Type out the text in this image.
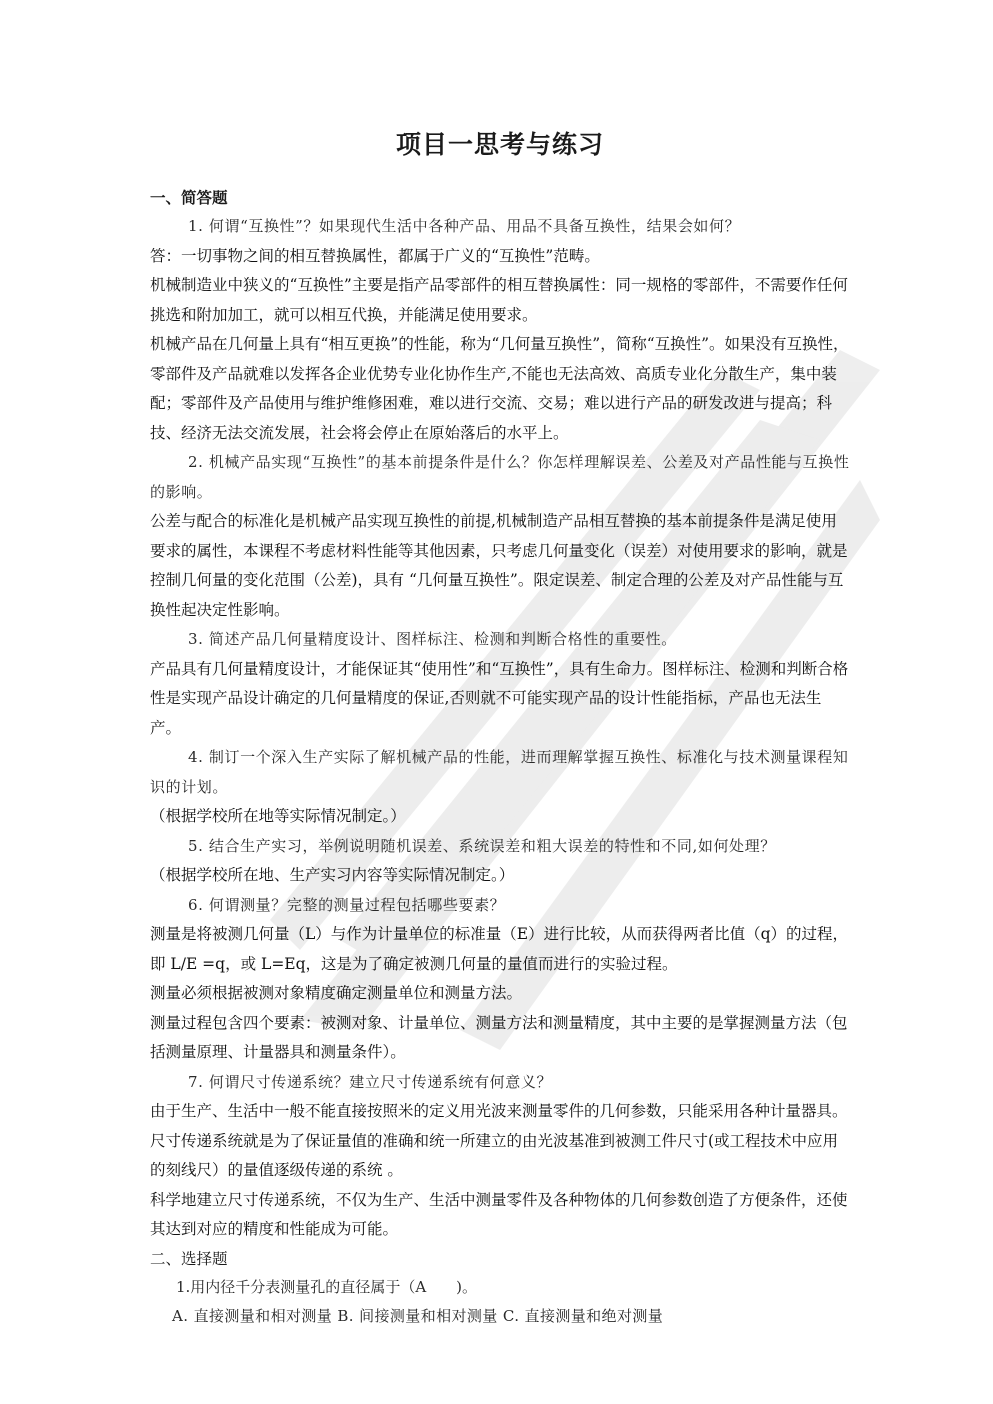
项目一思考与练习

一、简答题

1. 何谓“互换性”？如果现代生活中各种产品、用品不具备互换性，结果会如何？

答：一切事物之间的相互替换属性，都属于广义的“互换性”范畴。

机械制造业中狭义的“互换性”主要是指产品零部件的相互替换属性：同一规格的零部件，不需要作任何挑选和附加加工，就可以相互代换，并能满足使用要求。

机械产品在几何量上具有“相互更换”的性能，称为“几何量互换性”，简称“互换性”。如果没有互换性，零部件及产品就难以发挥各企业优势专业化协作生产,不能也无法高效、高质专业化分散生产，集中装配；零部件及产品使用与维护维修困难，难以进行交流、交易；难以进行产品的研发改进与提高；科技、经济无法交流发展，社会将会停止在原始落后的水平上。

2. 机械产品实现“互换性”的基本前提条件是什么？你怎样理解误差、公差及对产品性能与互换性的影响。

公差与配合的标准化是机械产品实现互换性的前提,机械制造产品相互替换的基本前提条件是满足使用要求的属性，本课程不考虑材料性能等其他因素，只考虑几何量变化（误差）对使用要求的影响，就是控制几何量的变化范围（公差)，具有 “几何量互换性”。限定误差、制定合理的公差及对产品性能与互换性起决定性影响。

3. 简述产品几何量精度设计、图样标注、检测和判断合格性的重要性。

产品具有几何量精度设计，才能保证其“使用性”和“互换性”，具有生命力。图样标注、检测和判断合格性是实现产品设计确定的几何量精度的保证,否则就不可能实现产品的设计性能指标，产品也无法生产。

4. 制订一个深入生产实际了解机械产品的性能，进而理解掌握互换性、标准化与技术测量课程知识的计划。

（根据学校所在地等实际情况制定。）

5. 结合生产实习，举例说明随机误差、系统误差和粗大误差的特性和不同,如何处理？

（根据学校所在地、生产实习内容等实际情况制定。）

6. 何谓测量？完整的测量过程包括哪些要素？

测量是将被测几何量（L）与作为计量单位的标准量（E）进行比较，从而获得两者比值（q）的过程，即 L/E =q，或 L=Eq，这是为了确定被测几何量的量值而进行的实验过程。

测量必须根据被测对象精度确定测量单位和测量方法。

测量过程包含四个要素：被测对象、计量单位、测量方法和测量精度，其中主要的是掌握测量方法（包括测量原理、计量器具和测量条件）。

7. 何谓尺寸传递系统？建立尺寸传递系统有何意义？

由于生产、生活中一般不能直接按照米的定义用光波来测量零件的几何参数，只能采用各种计量器具。

尺寸传递系统就是为了保证量值的准确和统一所建立的由光波基准到被测工件尺寸(或工程技术中应用的刻线尺）的量值逐级传递的系统 。

科学地建立尺寸传递系统，不仅为生产、生活中测量零件及各种物体的几何参数创造了方便条件，还使其达到对应的精度和性能成为可能。

二、选择题

1.用内径千分表测量孔的直径属于（A　　)。

A. 直接测量和相对测量 B. 间接测量和相对测量 C. 直接测量和绝对测量
